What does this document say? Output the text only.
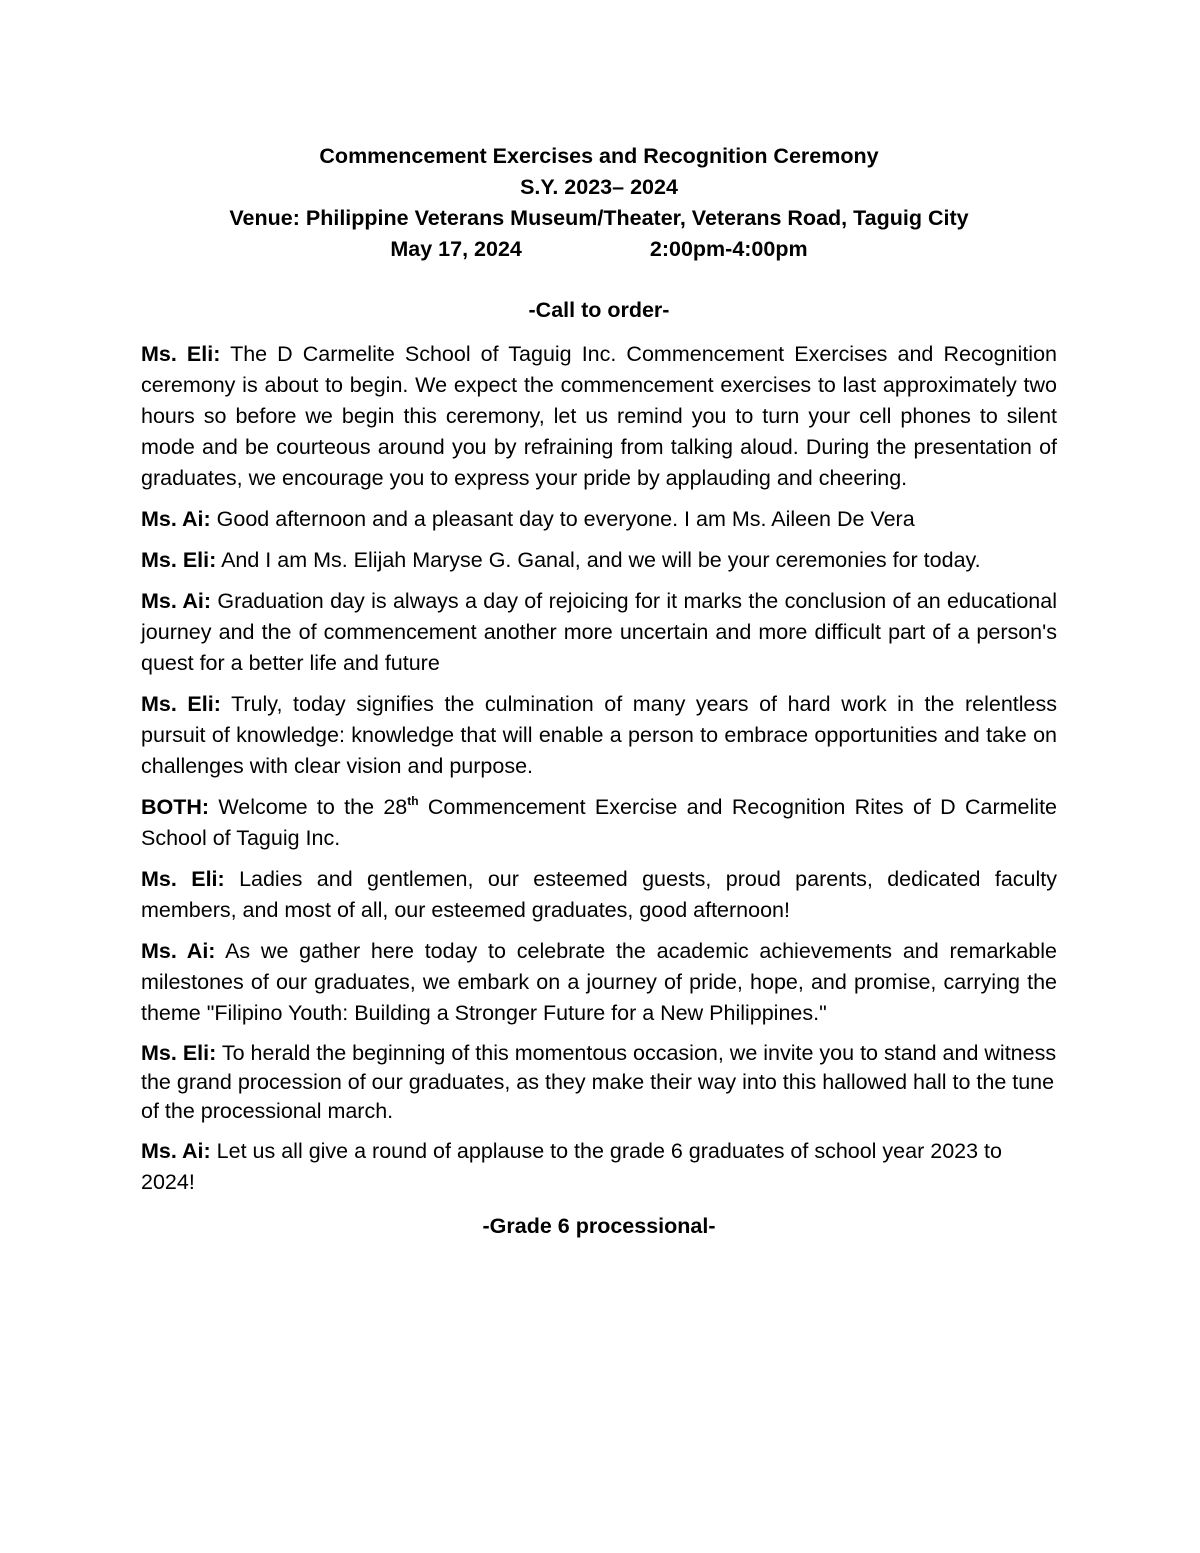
Commencement Exercises and Recognition Ceremony
S.Y. 2023– 2024
Venue: Philippine Veterans Museum/Theater, Veterans Road, Taguig City
May 17, 2024	2:00pm-4:00pm
-Call to order-

Ms. Eli: The D Carmelite School of Taguig Inc. Commencement Exercises and Recognition ceremony is about to begin. We expect the commencement exercises to last approximately two hours so before we begin this ceremony, let us remind you to turn your cell phones to silent mode and be courteous around you by refraining from talking aloud. During the presentation of graduates, we encourage you to express your pride by applauding and cheering.

Ms. Ai: Good afternoon and a pleasant day to everyone. I am Ms. Aileen De Vera

Ms. Eli: And I am Ms. Elijah Maryse G. Ganal, and we will be your ceremonies for today.

Ms. Ai: Graduation day is always a day of rejoicing for it marks the conclusion of an educational journey and the of commencement another more uncertain and more difficult part of a person's quest for a better life and future

Ms. Eli: Truly, today signifies the culmination of many years of hard work in the relentless pursuit of knowledge: knowledge that will enable a person to embrace opportunities and take on challenges with clear vision and purpose.

BOTH: Welcome to the 28th Commencement Exercise and Recognition Rites of D Carmelite School of Taguig Inc.

Ms. Eli: Ladies and gentlemen, our esteemed guests, proud parents, dedicated faculty members, and most of all, our esteemed graduates, good afternoon!

Ms. Ai: As we gather here today to celebrate the academic achievements and remarkable milestones of our graduates, we embark on a journey of pride, hope, and promise, carrying the theme "Filipino Youth: Building a Stronger Future for a New Philippines."

Ms. Eli: To herald the beginning of this momentous occasion, we invite you to stand and witness the grand procession of our graduates, as they make their way into this hallowed hall to the tune of the processional march.

Ms. Ai: Let us all give a round of applause to the grade 6 graduates of school year 2023 to 2024!

-Grade 6 processional-
